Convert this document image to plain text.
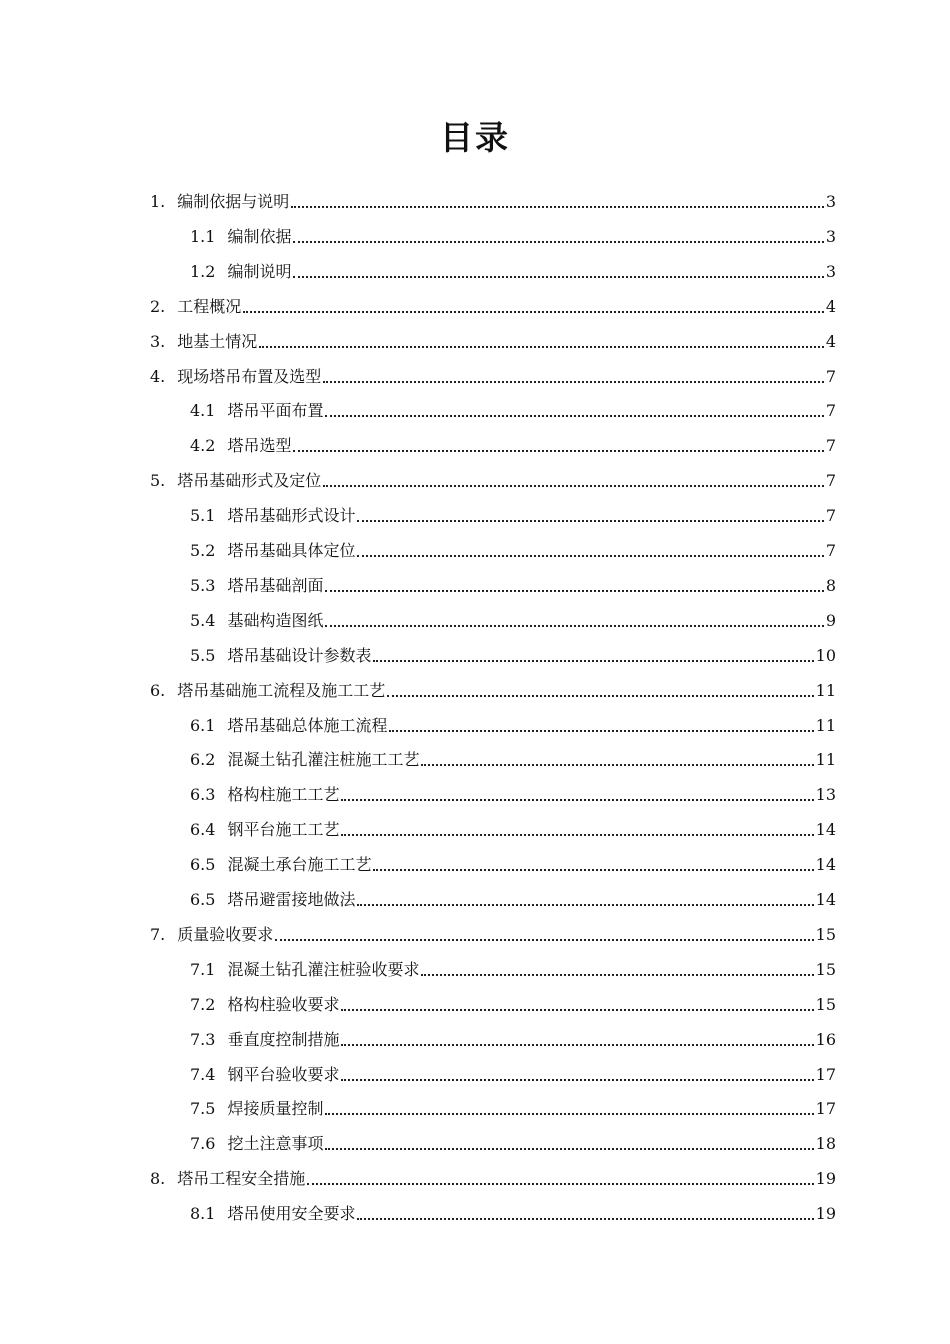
目录
1. 编制依据与说明	3
1.1 编制依据	3
1.2 编制说明	3
2. 工程概况	4
3. 地基土情况	4
4. 现场塔吊布置及选型	7
4.1 塔吊平面布置	7
4.2 塔吊选型	7
5. 塔吊基础形式及定位	7
5.1 塔吊基础形式设计	7
5.2 塔吊基础具体定位	7
5.3 塔吊基础剖面	8
5.4 基础构造图纸	9
5.5 塔吊基础设计参数表	10
6. 塔吊基础施工流程及施工工艺	11
6.1 塔吊基础总体施工流程	11
6.2 混凝土钻孔灌注桩施工工艺	11
6.3 格构柱施工工艺	13
6.4 钢平台施工工艺	14
6.5 混凝土承台施工工艺	14
6.5 塔吊避雷接地做法	14
7. 质量验收要求	15
7.1 混凝土钻孔灌注桩验收要求	15
7.2 格构柱验收要求	15
7.3 垂直度控制措施	16
7.4 钢平台验收要求	17
7.5 焊接质量控制	17
7.6 挖土注意事项	18
8. 塔吊工程安全措施	19
8.1 塔吊使用安全要求	19
